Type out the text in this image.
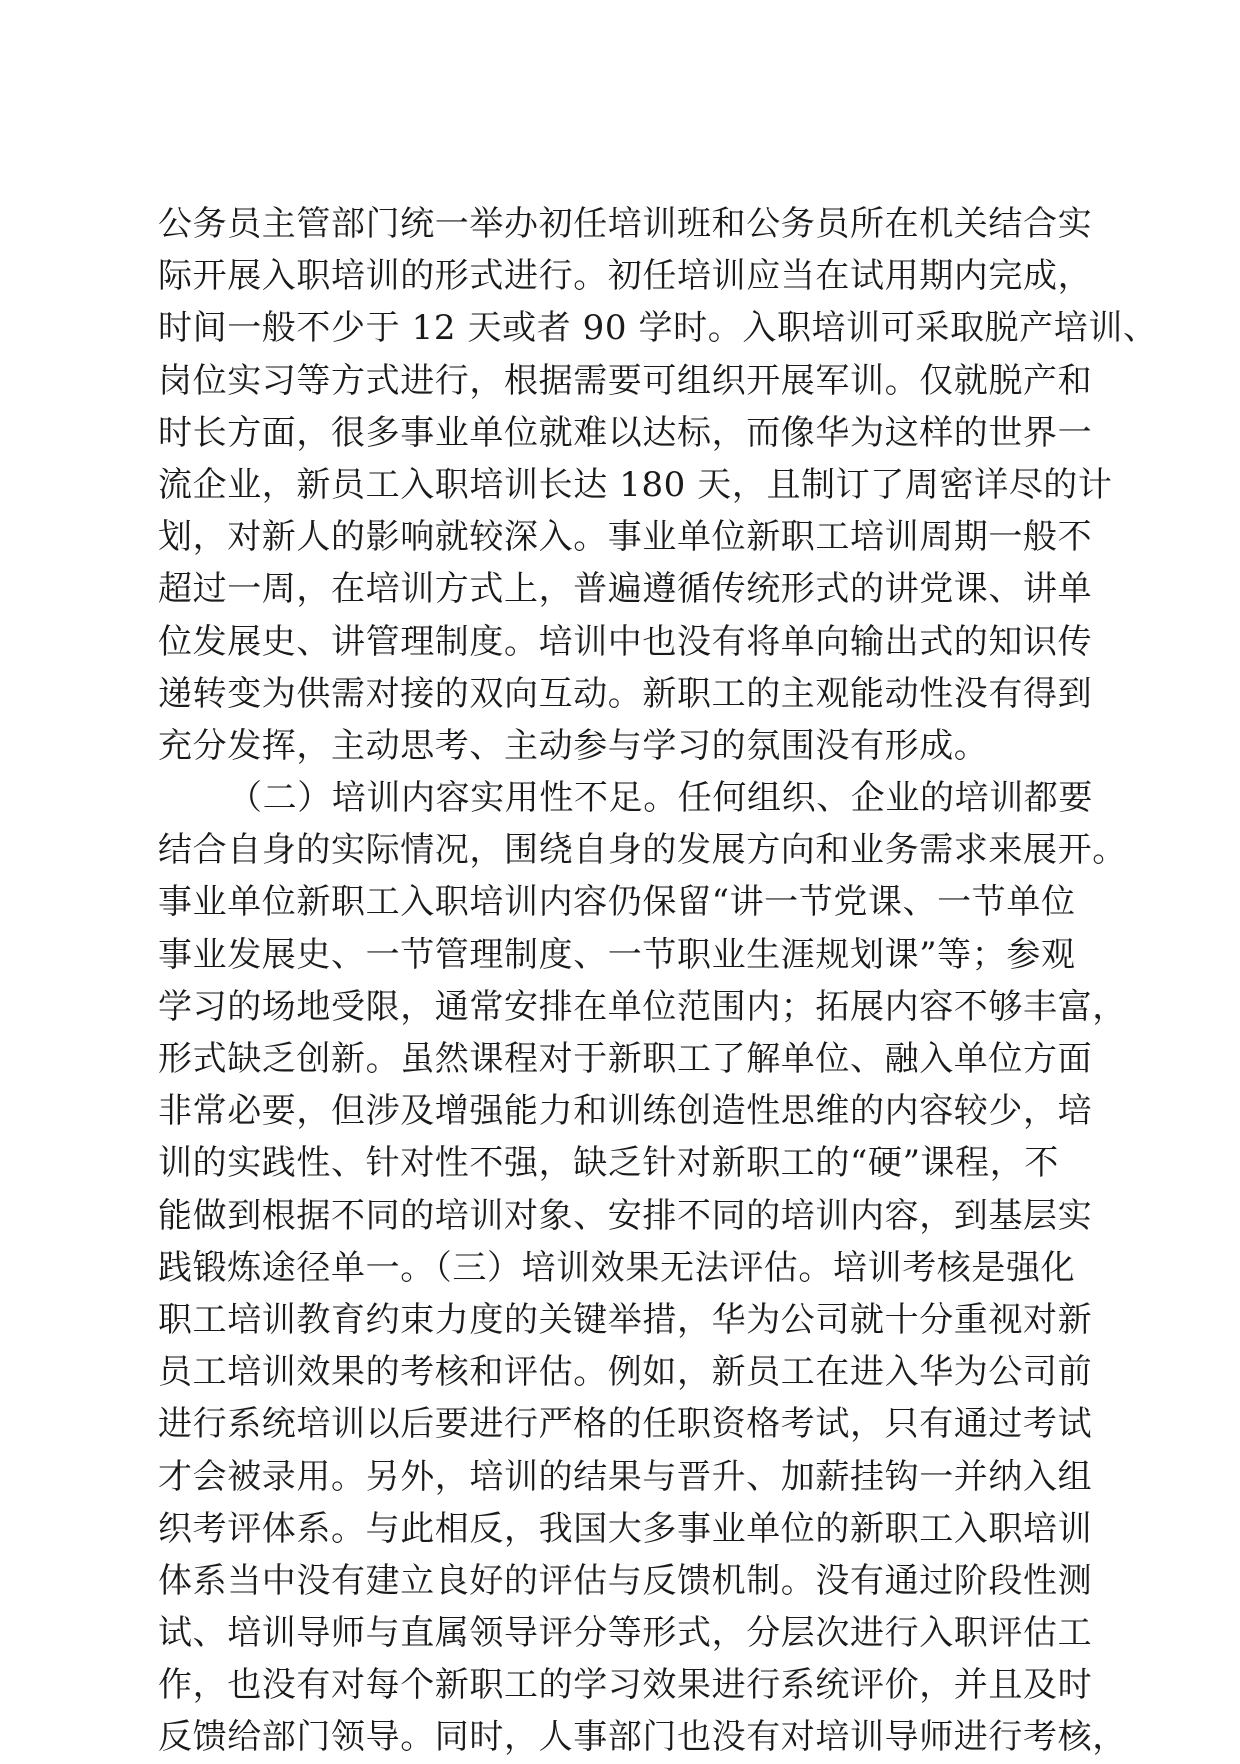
公务员主管部门统一举办初任培训班和公务员所在机关结合实
际开展入职培训的形式进行。初任培训应当在试用期内完成，
时间一般不少于 12 天或者 90 学时。入职培训可采取脱产培训、
岗位实习等方式进行，根据需要可组织开展军训。仅就脱产和
时长方面，很多事业单位就难以达标，而像华为这样的世界一
流企业，新员工入职培训长达 180 天，且制订了周密详尽的计
划，对新人的影响就较深入。事业单位新职工培训周期一般不
超过一周，在培训方式上，普遍遵循传统形式的讲党课、讲单
位发展史、讲管理制度。培训中也没有将单向输出式的知识传
递转变为供需对接的双向互动。新职工的主观能动性没有得到
充分发挥，主动思考、主动参与学习的氛围没有形成。
（二）培训内容实用性不足。任何组织、企业的培训都要
结合自身的实际情况，围绕自身的发展方向和业务需求来展开。
事业单位新职工入职培训内容仍保留“讲一节党课、一节单位
事业发展史、一节管理制度、一节职业生涯规划课”等；参观
学习的场地受限，通常安排在单位范围内；拓展内容不够丰富，
形式缺乏创新。虽然课程对于新职工了解单位、融入单位方面
非常必要，但涉及增强能力和训练创造性思维的内容较少，培
训的实践性、针对性不强，缺乏针对新职工的“硬”课程，不
能做到根据不同的培训对象、安排不同的培训内容，到基层实
践锻炼途径单一。（三）培训效果无法评估。培训考核是强化
职工培训教育约束力度的关键举措，华为公司就十分重视对新
员工培训效果的考核和评估。例如，新员工在进入华为公司前
进行系统培训以后要进行严格的任职资格考试，只有通过考试
才会被录用。另外，培训的结果与晋升、加薪挂钩一并纳入组
织考评体系。与此相反，我国大多事业单位的新职工入职培训
体系当中没有建立良好的评估与反馈机制。没有通过阶段性测
试、培训导师与直属领导评分等形式，分层次进行入职评估工
作，也没有对每个新职工的学习效果进行系统评价，并且及时
反馈给部门领导。同时，人事部门也没有对培训导师进行考核，
